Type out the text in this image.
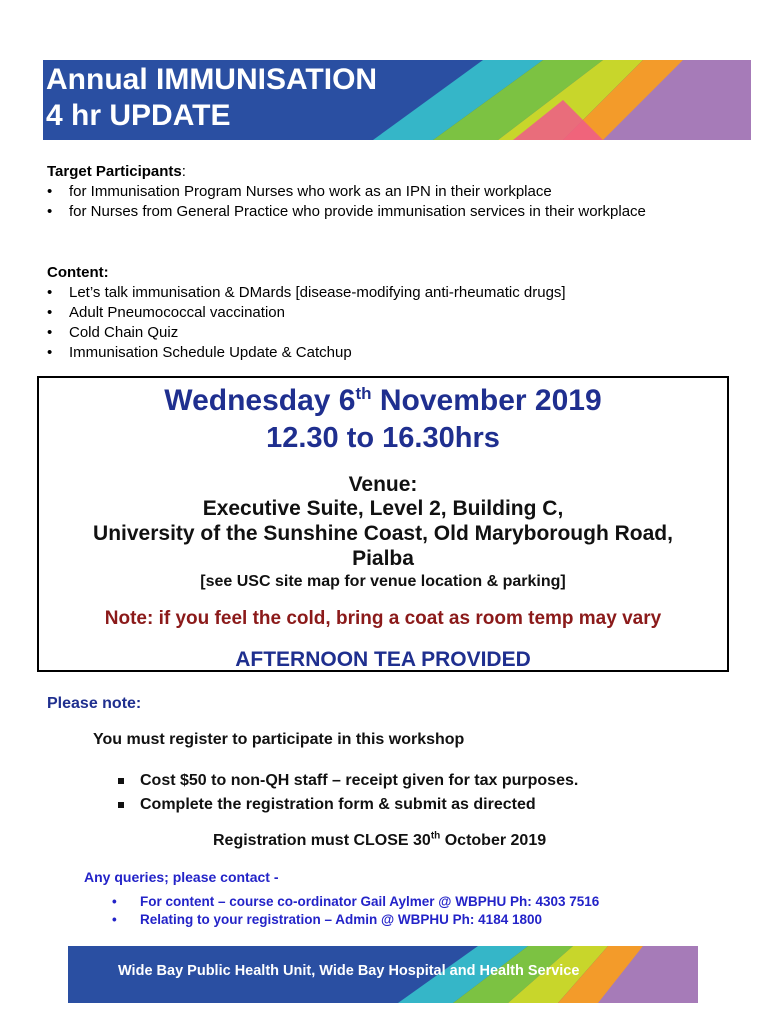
Annual IMMUNISATION
4 hr UPDATE
Target Participants:
• for Immunisation Program Nurses who work as an IPN in their workplace
• for Nurses from General Practice who provide immunisation services in their workplace
Content:
• Let’s talk immunisation & DMards [disease-modifying anti-rheumatic drugs]
• Adult Pneumococcal vaccination
• Cold Chain Quiz
• Immunisation Schedule Update & Catchup
Wednesday 6th November 2019
12.30 to 16.30hrs
Venue:
Executive Suite, Level 2, Building C,
University of the Sunshine Coast, Old Maryborough Road,
Pialba
[see USC site map for venue location & parking]
Note: if you feel the cold, bring a coat as room temp may vary
AFTERNOON TEA PROVIDED
Please note:
You must register to participate in this workshop
Cost $50 to non-QH staff – receipt given for tax purposes.
Complete the registration form & submit as directed
Registration must CLOSE 30th October 2019
Any queries; please contact -
• For content – course co-ordinator Gail Aylmer @ WBPHU Ph: 4303 7516
• Relating to your registration – Admin @ WBPHU Ph: 4184 1800
Wide Bay Public Health Unit, Wide Bay Hospital and Health Service
